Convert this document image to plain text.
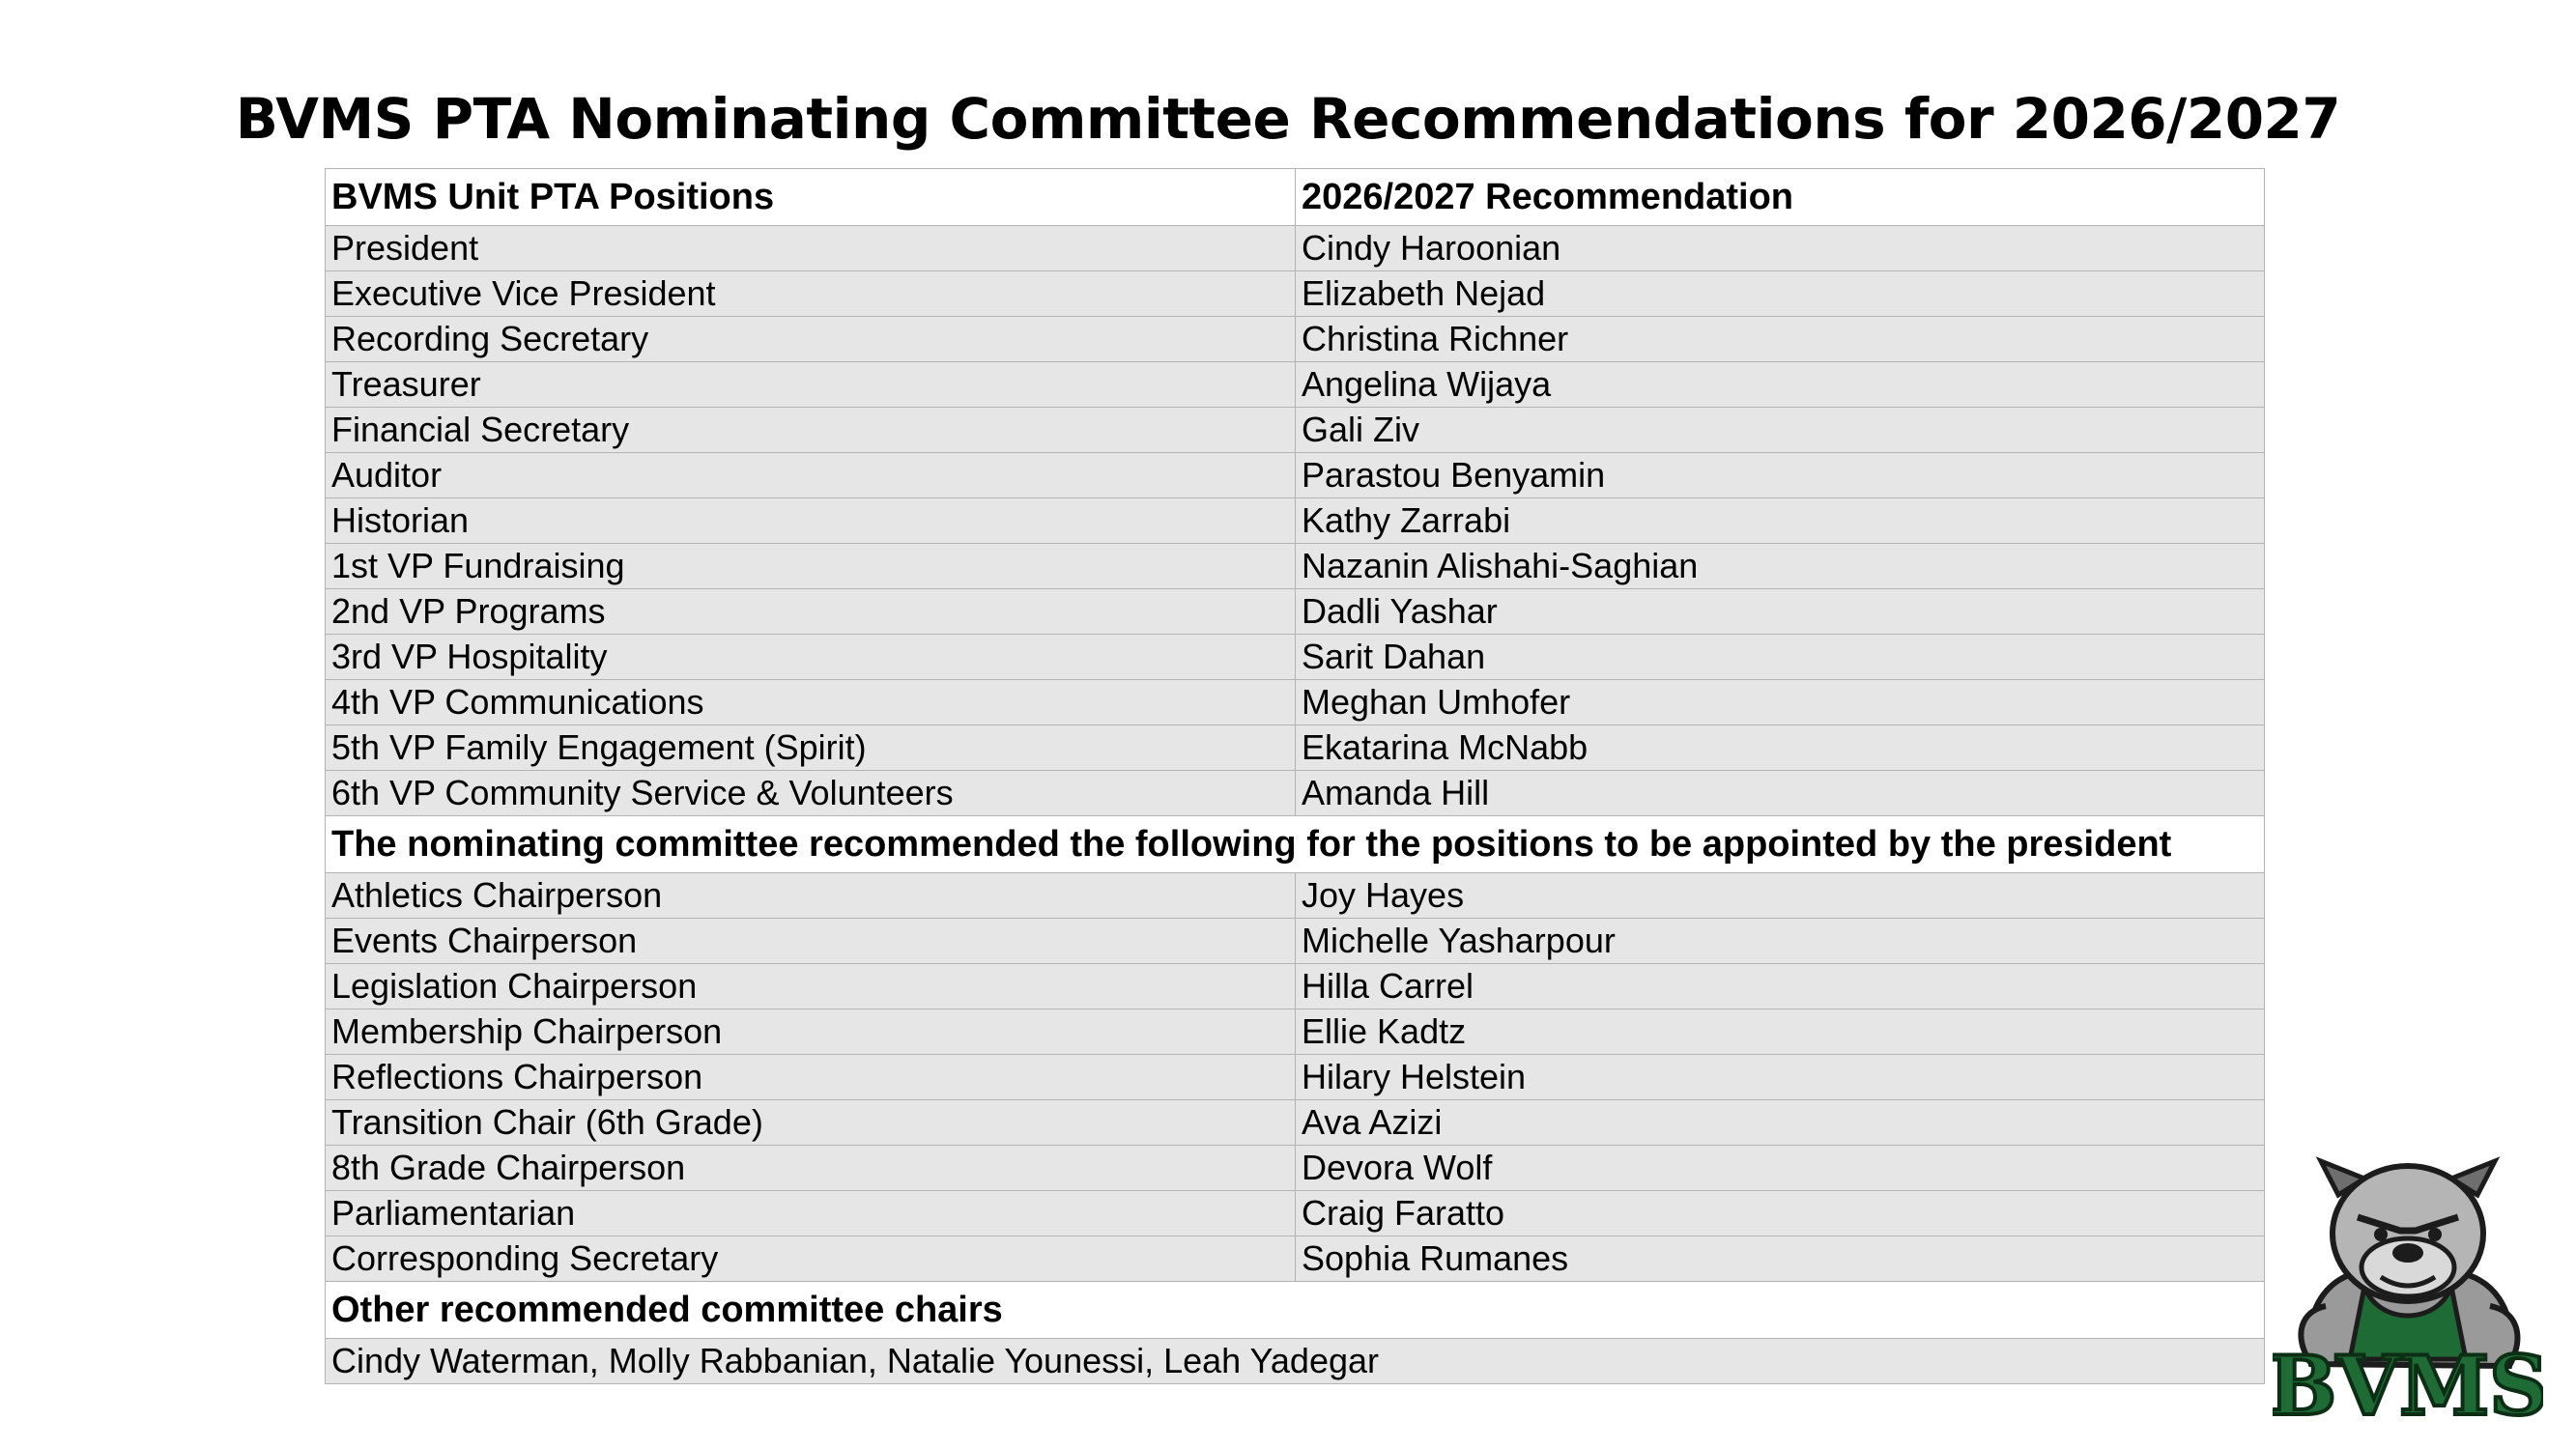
BVMS PTA Nominating Committee Recommendations for 2026/2027
BVMS Unit PTA Positions	2026/2027 Recommendation
President	Cindy Haroonian
Executive Vice President	Elizabeth Nejad
Recording Secretary	Christina Richner
Treasurer	Angelina Wijaya
Financial Secretary	Gali Ziv
Auditor	Parastou Benyamin
Historian	Kathy Zarrabi
1st VP Fundraising	Nazanin Alishahi-Saghian
2nd VP Programs	Dadli Yashar
3rd VP Hospitality	Sarit Dahan
4th VP Communications	Meghan Umhofer
5th VP Family Engagement (Spirit)	Ekatarina McNabb
6th VP Community Service & Volunteers	Amanda Hill
The nominating committee recommended the following for the positions to be appointed by the president	
Athletics Chairperson	Joy Hayes
Events Chairperson	Michelle Yasharpour
Legislation Chairperson	Hilla Carrel
Membership Chairperson	Ellie Kadtz
Reflections Chairperson	Hilary Helstein
Transition Chair (6th Grade)	Ava Azizi
8th Grade Chairperson	Devora Wolf
Parliamentarian	Craig Faratto
Corresponding Secretary	Sophia Rumanes
Other recommended committee chairs	
Cindy Waterman, Molly Rabbanian, Natalie Younessi, Leah Yadegar		BVMS
